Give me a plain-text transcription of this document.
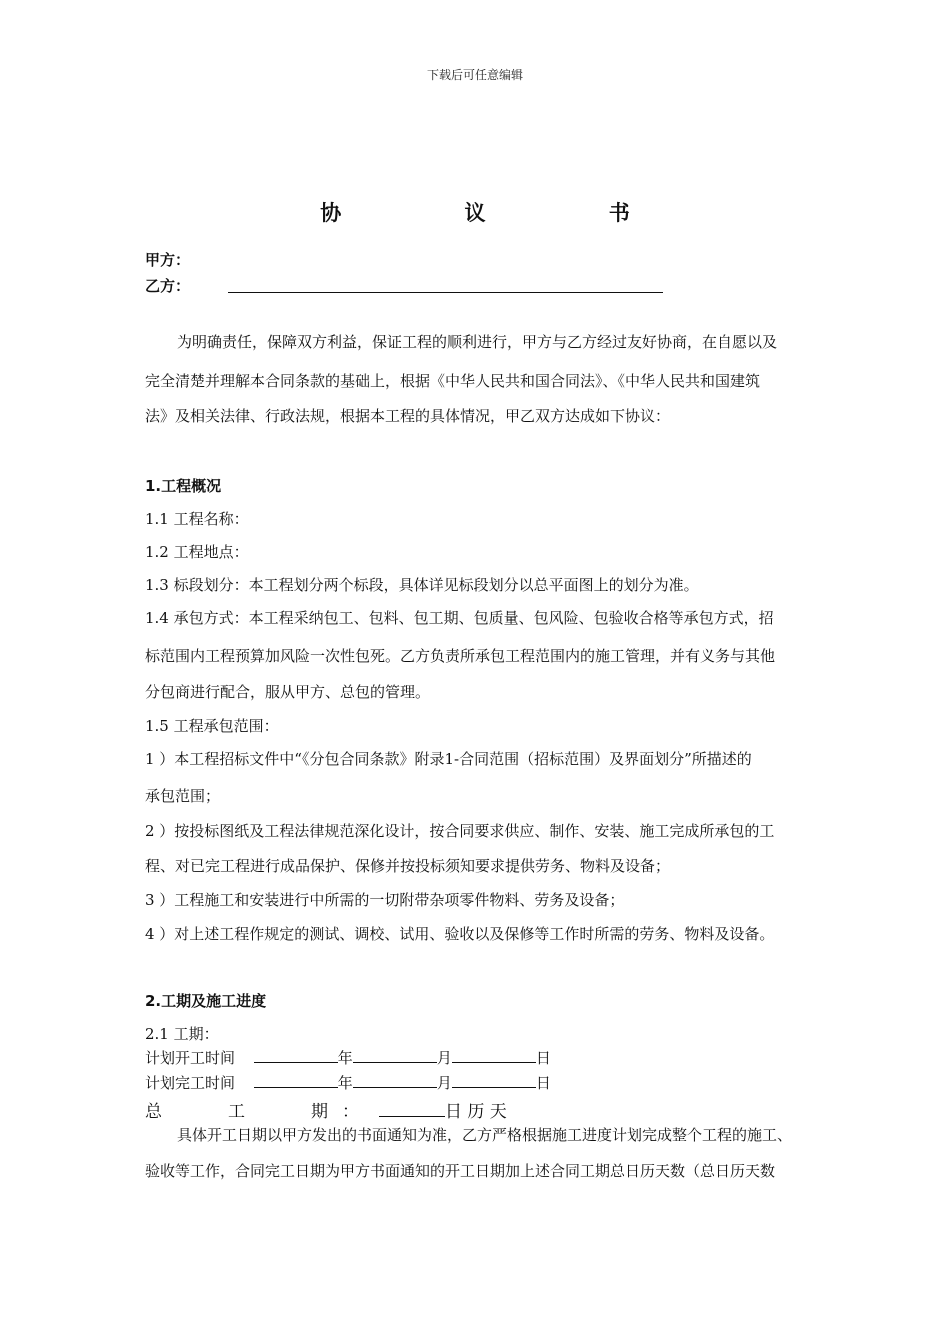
下载后可任意编辑
协 议 书
甲方：
乙方：
为明确责任，保障双方利益，保证工程的顺利进行，甲方与乙方经过友好协商，在自愿以及
完全清楚并理解本合同条款的基础上，根据《中华人民共和国合同法》、《中华人民共和国建筑
法》及相关法律、行政法规，根据本工程的具体情况，甲乙双方达成如下协议：
1.工程概况
1.1 工程名称：
1.2 工程地点：
1.3 标段划分：本工程划分两个标段，具体详见标段划分以总平面图上的划分为准。
1.4 承包方式：本工程采纳包工、包料、包工期、包质量、包风险、包验收合格等承包方式，招
标范围内工程预算加风险一次性包死。乙方负责所承包工程范围内的施工管理，并有义务与其他
分包商进行配合，服从甲方、总包的管理。
1.5 工程承包范围：
1 ）本工程招标文件中“《分包合同条款》附录1-合同范围（招标范围）及界面划分”所描述的
承包范围；
2 ）按投标图纸及工程法律规范深化设计，按合同要求供应、制作、安装、施工完成所承包的工
程、对已完工程进行成品保护、保修并按投标须知要求提供劳务、物料及设备；
3 ）工程施工和安装进行中所需的一切附带杂项零件物料、劳务及设备；
4 ）对上述工程作规定的测试、调校、试用、验收以及保修等工作时所需的劳务、物料及设备。
2.工期及施工进度
2.1 工期：
计划开工时间	年	月	日
计划完工时间	年	月	日
总	工	期 ：	日 历 天
具体开工日期以甲方发出的书面通知为准，乙方严格根据施工进度计划完成整个工程的施工、
验收等工作，合同完工日期为甲方书面通知的开工日期加上述合同工期总日历天数（总日历天数
